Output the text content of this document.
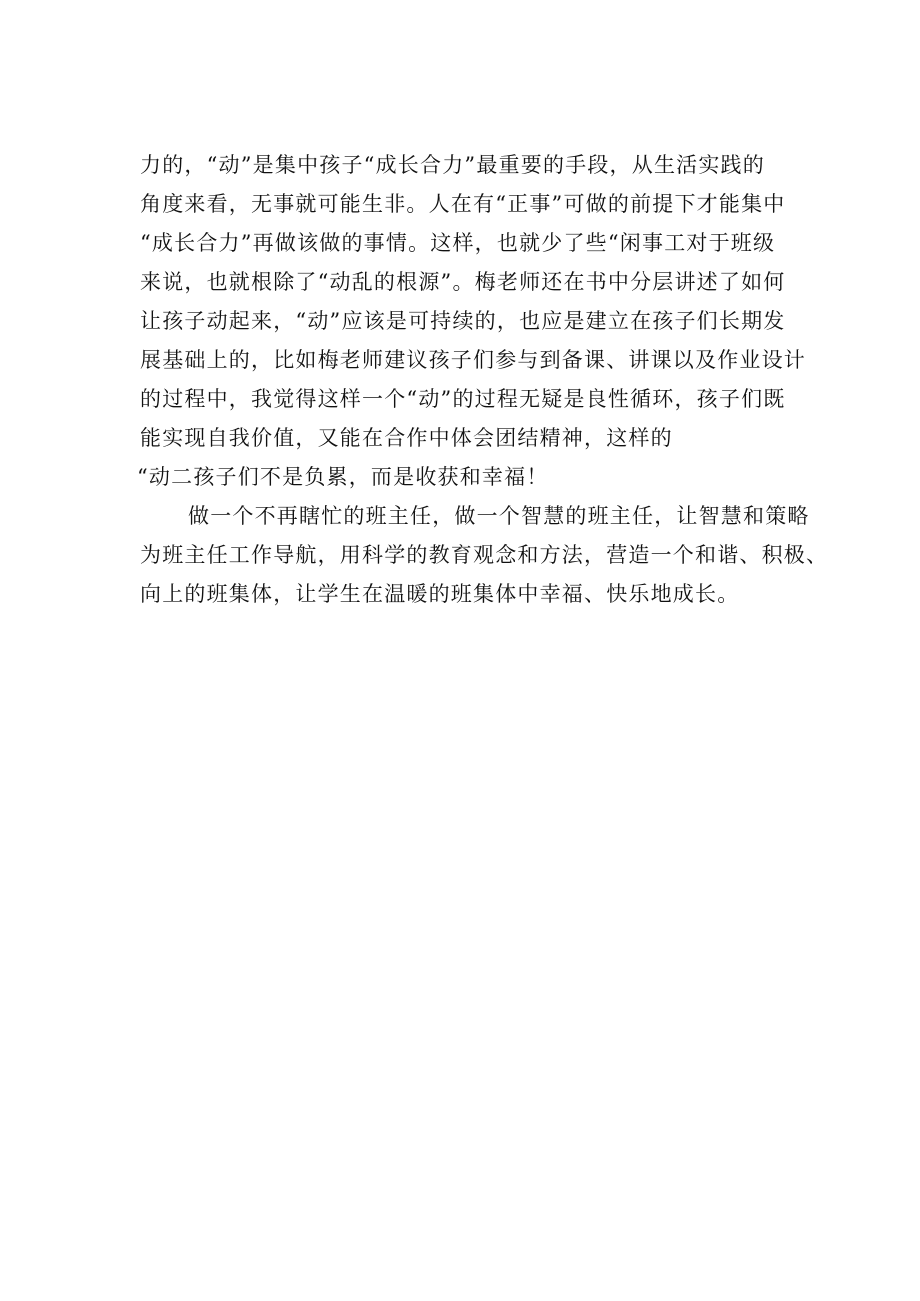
力的，“动”是集中孩子“成长合力”最重要的手段，从生活实践的
角度来看，无事就可能生非。人在有“正事”可做的前提下才能集中
“成长合力”再做该做的事情。这样，也就少了些“闲事工对于班级
来说，也就根除了“动乱的根源”。梅老师还在书中分层讲述了如何
让孩子动起来，“动”应该是可持续的，也应是建立在孩子们长期发
展基础上的，比如梅老师建议孩子们参与到备课、讲课以及作业设计
的过程中，我觉得这样一个“动”的过程无疑是良性循环，孩子们既
能实现自我价值，又能在合作中体会团结精神，这样的
“动二孩子们不是负累，而是收获和幸福！
做一个不再瞎忙的班主任，做一个智慧的班主任，让智慧和策略
为班主任工作导航，用科学的教育观念和方法，营造一个和谐、积极、
向上的班集体，让学生在温暖的班集体中幸福、快乐地成长。
